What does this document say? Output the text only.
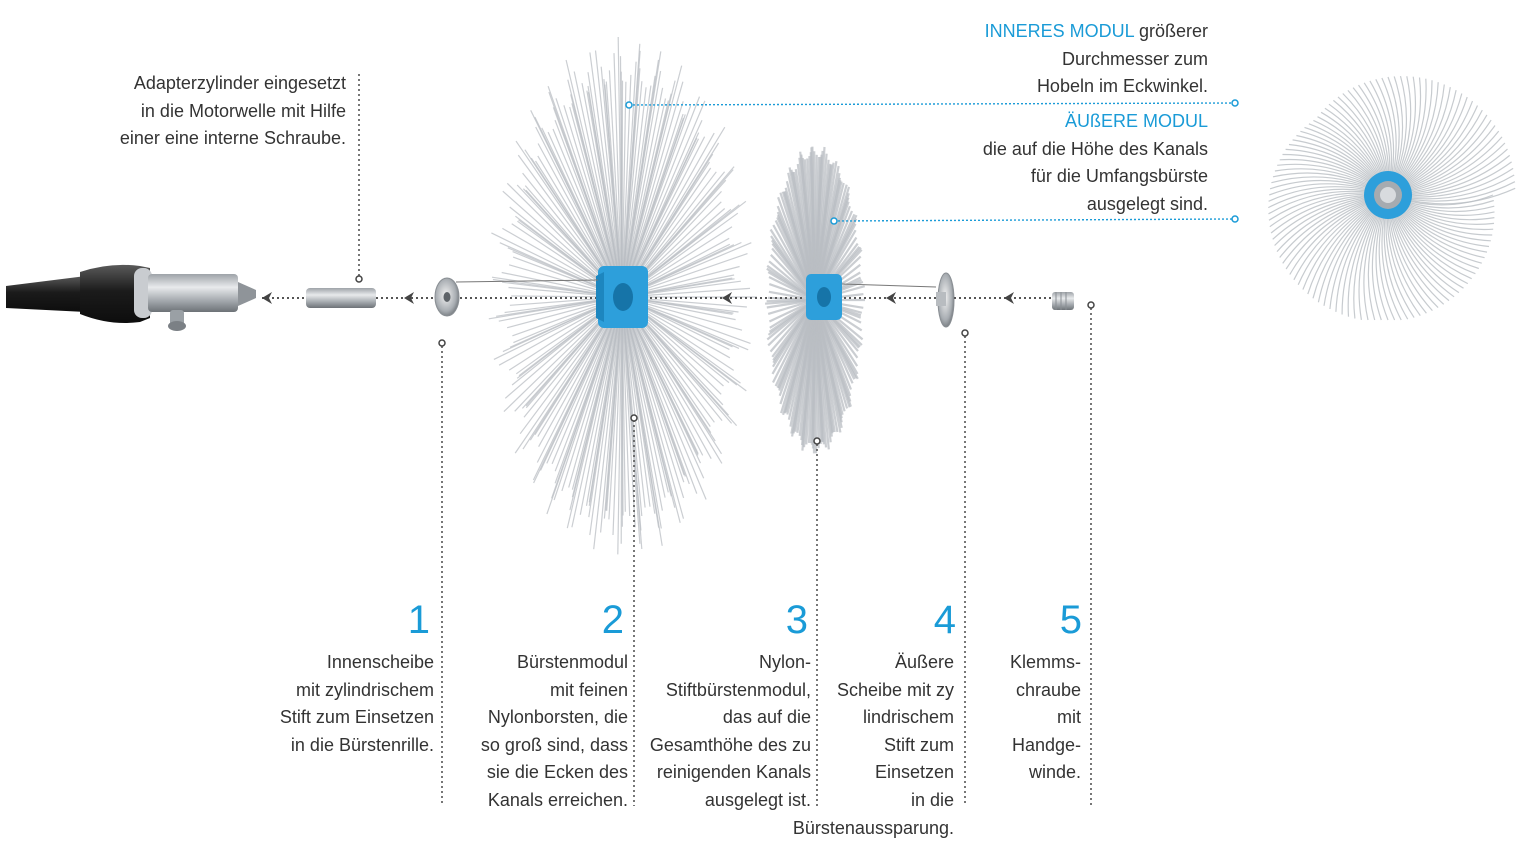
Adapterzylinder eingesetzt
in die Motorwelle mit Hilfe
einer eine interne Schraube.
INNERES MODUL größerer
Durchmesser zum
Hobeln im Eckwinkel.
ÄUßERE MODUL
die auf die Höhe des Kanals
für die Umfangsbürste
ausgelegt sind.
1	2	3	4	5
Innenscheibe
mit zylindrischem
Stift zum Einsetzen
in die Bürstenrille.
Bürstenmodul
mit feinen
Nylonborsten, die
so groß sind, dass
sie die Ecken des
Kanals erreichen.
Nylon-
Stiftbürstenmodul,
das auf die
Gesamthöhe des zu
reinigenden Kanals
ausgelegt ist.
Äußere
Scheibe mit zy
lindrischem
Stift zum
Einsetzen
in die
Bürstenaussparung.
Klemms-
chraube
mit
Handge-
winde.
